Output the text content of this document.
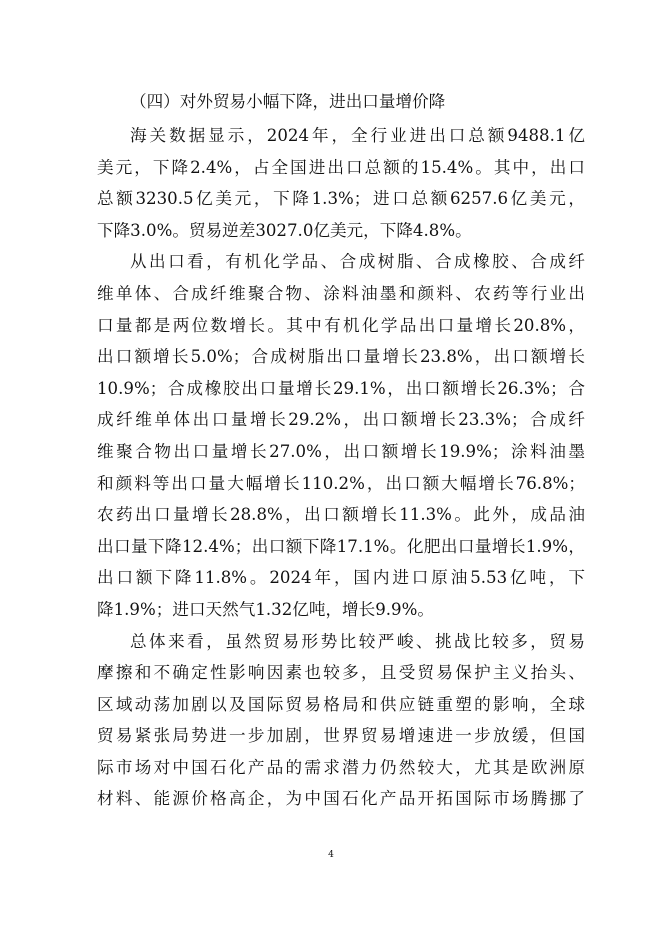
（四）对外贸易小幅下降，进出口量增价降
海关数据显示，2024年，全行业进出口总额9488.1亿
美元，下降2.4%，占全国进出口总额的15.4%。其中，出口
总额3230.5亿美元，下降1.3%；进口总额6257.6亿美元，
下降3.0%。贸易逆差3027.0亿美元，下降4.8%。
从出口看，有机化学品、合成树脂、合成橡胶、合成纤
维单体、合成纤维聚合物、涂料油墨和颜料、农药等行业出
口量都是两位数增长。其中有机化学品出口量增长20.8%，
出口额增长5.0%；合成树脂出口量增长23.8%，出口额增长
10.9%；合成橡胶出口量增长29.1%，出口额增长26.3%；合
成纤维单体出口量增长29.2%，出口额增长23.3%；合成纤
维聚合物出口量增长27.0%，出口额增长19.9%；涂料油墨
和颜料等出口量大幅增长110.2%，出口额大幅增长76.8%；
农药出口量增长28.8%，出口额增长11.3%。此外，成品油
出口量下降12.4%；出口额下降17.1%。化肥出口量增长1.9%，
出口额下降11.8%。2024年，国内进口原油5.53亿吨，下
降1.9%；进口天然气1.32亿吨，增长9.9%。
总体来看，虽然贸易形势比较严峻、挑战比较多，贸易
摩擦和不确定性影响因素也较多，且受贸易保护主义抬头、
区域动荡加剧以及国际贸易格局和供应链重塑的影响，全球
贸易紧张局势进一步加剧，世界贸易增速进一步放缓，但国
际市场对中国石化产品的需求潜力仍然较大，尤其是欧洲原
材料、能源价格高企，为中国石化产品开拓国际市场腾挪了
4
